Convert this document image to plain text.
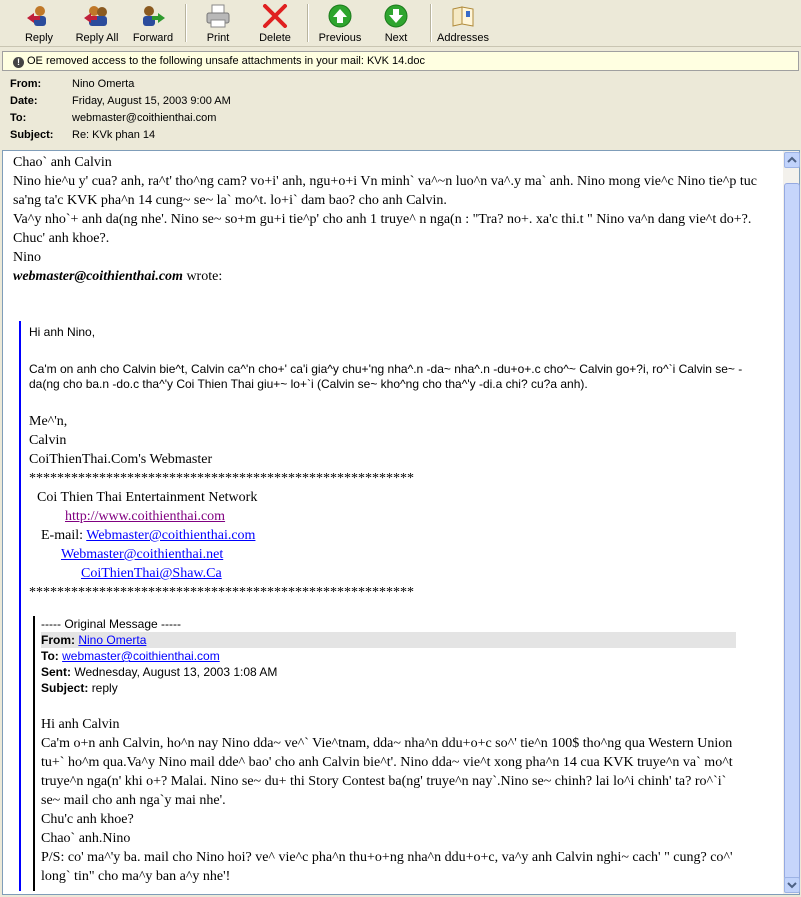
Reply Reply All Forward	Print	Delete	Previous	Next	Addresses
! OE removed access to the following unsafe attachments in your mail: KVK 14.doc
From:	Nino Omerta
Date:	Friday, August 15, 2003 9:00 AM
To:	webmaster@coithienthai.com
Subject: Re: KVk phan 14
Chao` anh Calvin
Nino hie^u y' cua? anh, ra^t' tho^ng cam? vo+i' anh, ngu+o+i Vn minh` va^~n luo^n va^.y ma` anh. Nino mong vie^c Nino tie^p tuc sa'ng ta'c KVK pha^n 14 cung~ se~ la` mo^t. lo+i` dam bao? cho anh Calvin.
Va^y nho`+ anh da(ng nhe'. Nino se~ so+m gu+i tie^p' cho anh 1 truye^ n nga(n : "Tra? no+. xa'c thi.t " Nino va^n dang vie^t do+?.
Chuc' anh khoe?.
Nino
webmaster@coithienthai.com wrote:
Hi anh Nino,
Ca'm on anh cho Calvin bie^t, Calvin ca^'n cho+' ca'i gia^y chu+'ng nha^.n -da~ nha^.n -du+o+.c cho^~ Calvin go+?i, ro^`i Calvin se~ -da(ng cho ba.n -do.c tha^'y Coi Thien Thai giu+~ lo+`i (Calvin se~ kho^ng cho tha^'y -di.a chi? cu?a anh).
Me^'n,
Calvin
CoiThienThai.Com's Webmaster
*******************************************************
Coi Thien Thai Entertainment Network
http://www.coithienthai.com
E-mail: Webmaster@coithienthai.com
Webmaster@coithienthai.net
CoiThienThai@Shaw.Ca
*******************************************************
----- Original Message -----
From: Nino Omerta
To: webmaster@coithienthai.com
Sent: Wednesday, August 13, 2003 1:08 AM
Subject: reply
Hi anh Calvin
Ca'm o+n anh Calvin, ho^n nay Nino dda~ ve^` Vie^tnam, dda~ nha^n ddu+o+c so^' tie^n 100$ tho^ng qua Western Union tu+` ho^m qua.Va^y Nino mail dde^ bao' cho anh Calvin bie^t'. Nino dda~ vie^t xong pha^n 14 cua KVK truye^n va` mo^t truye^n nga(n' khi o+? Malai. Nino se~ du+ thi Story Contest ba(ng' truye^n nay`.Nino se~ chinh? lai lo^i chinh' ta? ro^`i` se~ mail cho anh nga`y mai nhe'.
Chu'c anh khoe?
Chao` anh.Nino
P/S: co' ma^'y ba. mail cho Nino hoi? ve^ vie^c pha^n thu+o+ng nha^n ddu+o+c, va^y anh Calvin nghi~ cach' " cung? co^' long` tin" cho ma^y ban a^y nhe'!
